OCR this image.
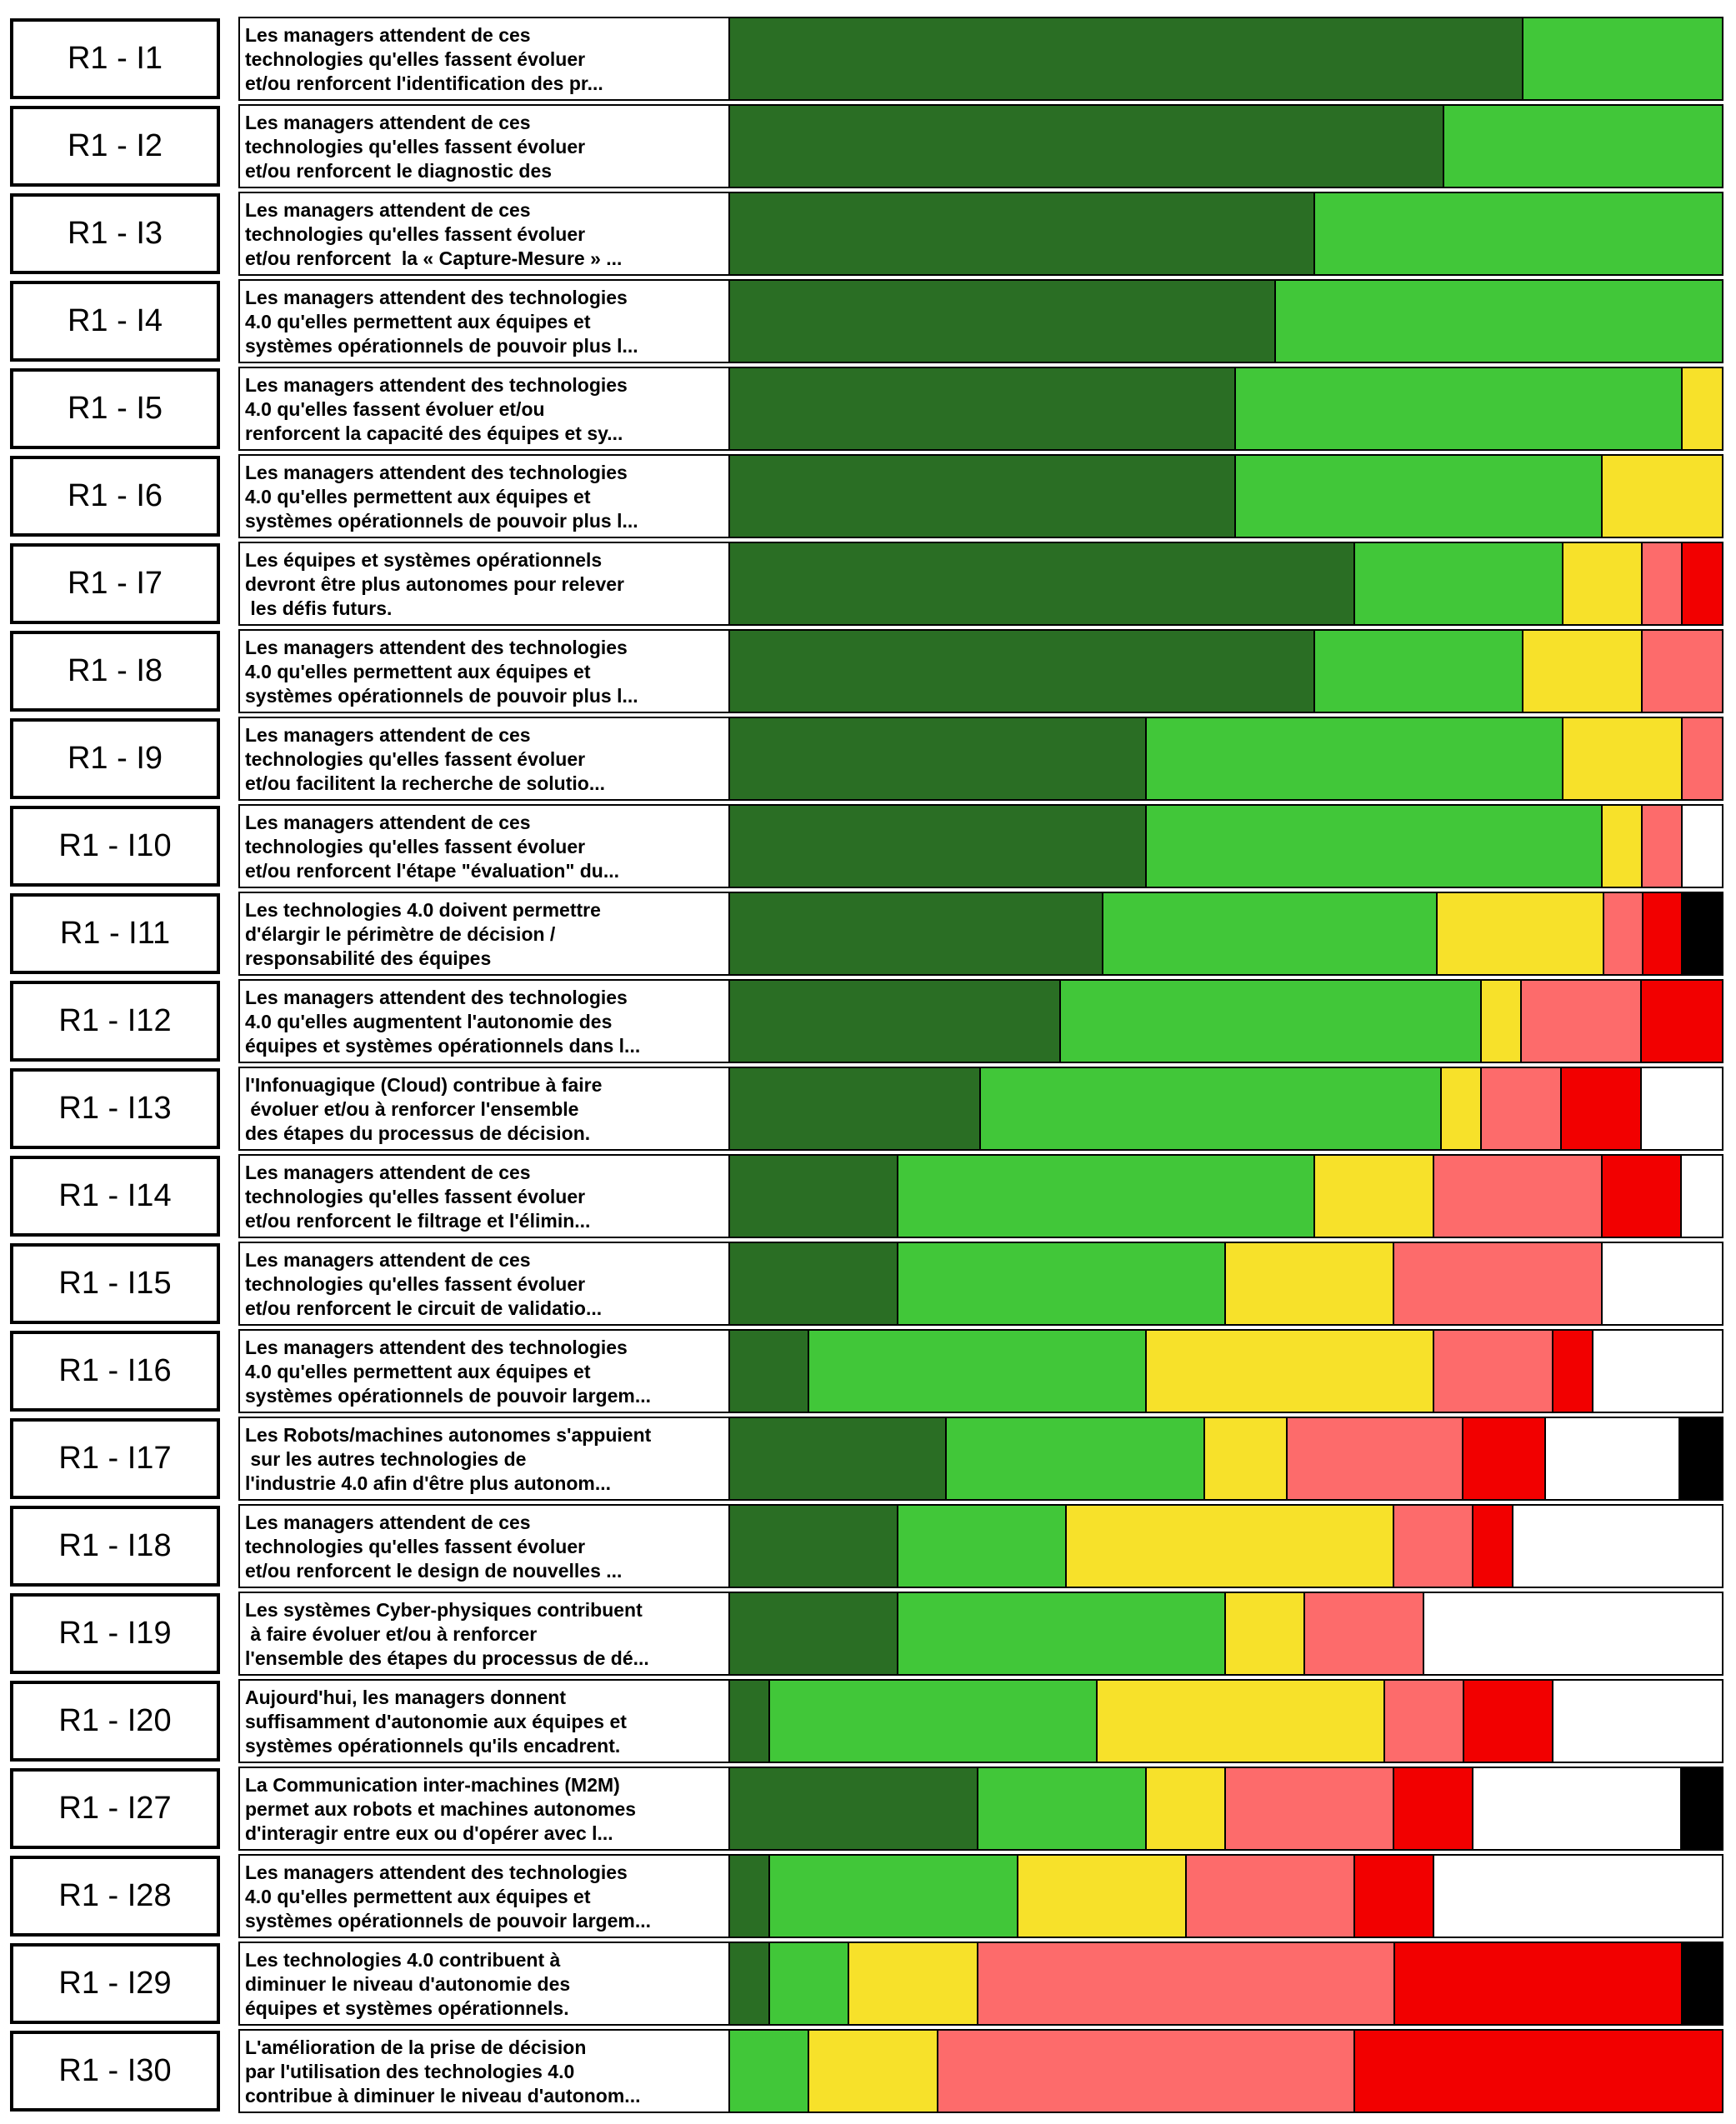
R1 - I1
Les managers attendent de ces
technologies qu'elles fassent évoluer
et/ou renforcent l'identification des pr...
R1 - I2
Les managers attendent de ces
technologies qu'elles fassent évoluer
et/ou renforcent le diagnostic des
R1 - I3
Les managers attendent de ces
technologies qu'elles fassent évoluer
et/ou renforcent  la « Capture-Mesure » ...
R1 - I4
Les managers attendent des technologies
4.0 qu'elles permettent aux équipes et
systèmes opérationnels de pouvoir plus l...
R1 - I5
Les managers attendent des technologies
4.0 qu'elles fassent évoluer et/ou
renforcent la capacité des équipes et sy...
R1 - I6
Les managers attendent des technologies
4.0 qu'elles permettent aux équipes et
systèmes opérationnels de pouvoir plus l...
R1 - I7
Les équipes et systèmes opérationnels
devront être plus autonomes pour relever
les défis futurs.
R1 - I8
Les managers attendent des technologies
4.0 qu'elles permettent aux équipes et
systèmes opérationnels de pouvoir plus l...
R1 - I9
Les managers attendent de ces
technologies qu'elles fassent évoluer
et/ou facilitent la recherche de solutio...
R1 - I10
Les managers attendent de ces
technologies qu'elles fassent évoluer
et/ou renforcent l'étape "évaluation" du...
R1 - I11
Les technologies 4.0 doivent permettre
d'élargir le périmètre de décision /
responsabilité des équipes
R1 - I12
Les managers attendent des technologies
4.0 qu'elles augmentent l'autonomie des
équipes et systèmes opérationnels dans l...
R1 - I13
l'Infonuagique (Cloud) contribue à faire
évoluer et/ou à renforcer l'ensemble
des étapes du processus de décision.
R1 - I14
Les managers attendent de ces
technologies qu'elles fassent évoluer
et/ou renforcent le filtrage et l'élimin...
R1 - I15
Les managers attendent de ces
technologies qu'elles fassent évoluer
et/ou renforcent le circuit de validatio...
R1 - I16
Les managers attendent des technologies
4.0 qu'elles permettent aux équipes et
systèmes opérationnels de pouvoir largem...
R1 - I17
Les Robots/machines autonomes s'appuient
sur les autres technologies de
l'industrie 4.0 afin d'être plus autonom...
R1 - I18
Les managers attendent de ces
technologies qu'elles fassent évoluer
et/ou renforcent le design de nouvelles ...
R1 - I19
Les systèmes Cyber-physiques contribuent
à faire évoluer et/ou à renforcer
l'ensemble des étapes du processus de dé...
R1 - I20
Aujourd'hui, les managers donnent
suffisamment d'autonomie aux équipes et
systèmes opérationnels qu'ils encadrent.
R1 - I27
La Communication inter-machines (M2M)
permet aux robots et machines autonomes
d'interagir entre eux ou d'opérer avec l...
R1 - I28
Les managers attendent des technologies
4.0 qu'elles permettent aux équipes et
systèmes opérationnels de pouvoir largem...
R1 - I29
Les technologies 4.0 contribuent à
diminuer le niveau d'autonomie des
équipes et systèmes opérationnels.
R1 - I30
L'amélioration de la prise de décision
par l'utilisation des technologies 4.0
contribue à diminuer le niveau d'autonom...
